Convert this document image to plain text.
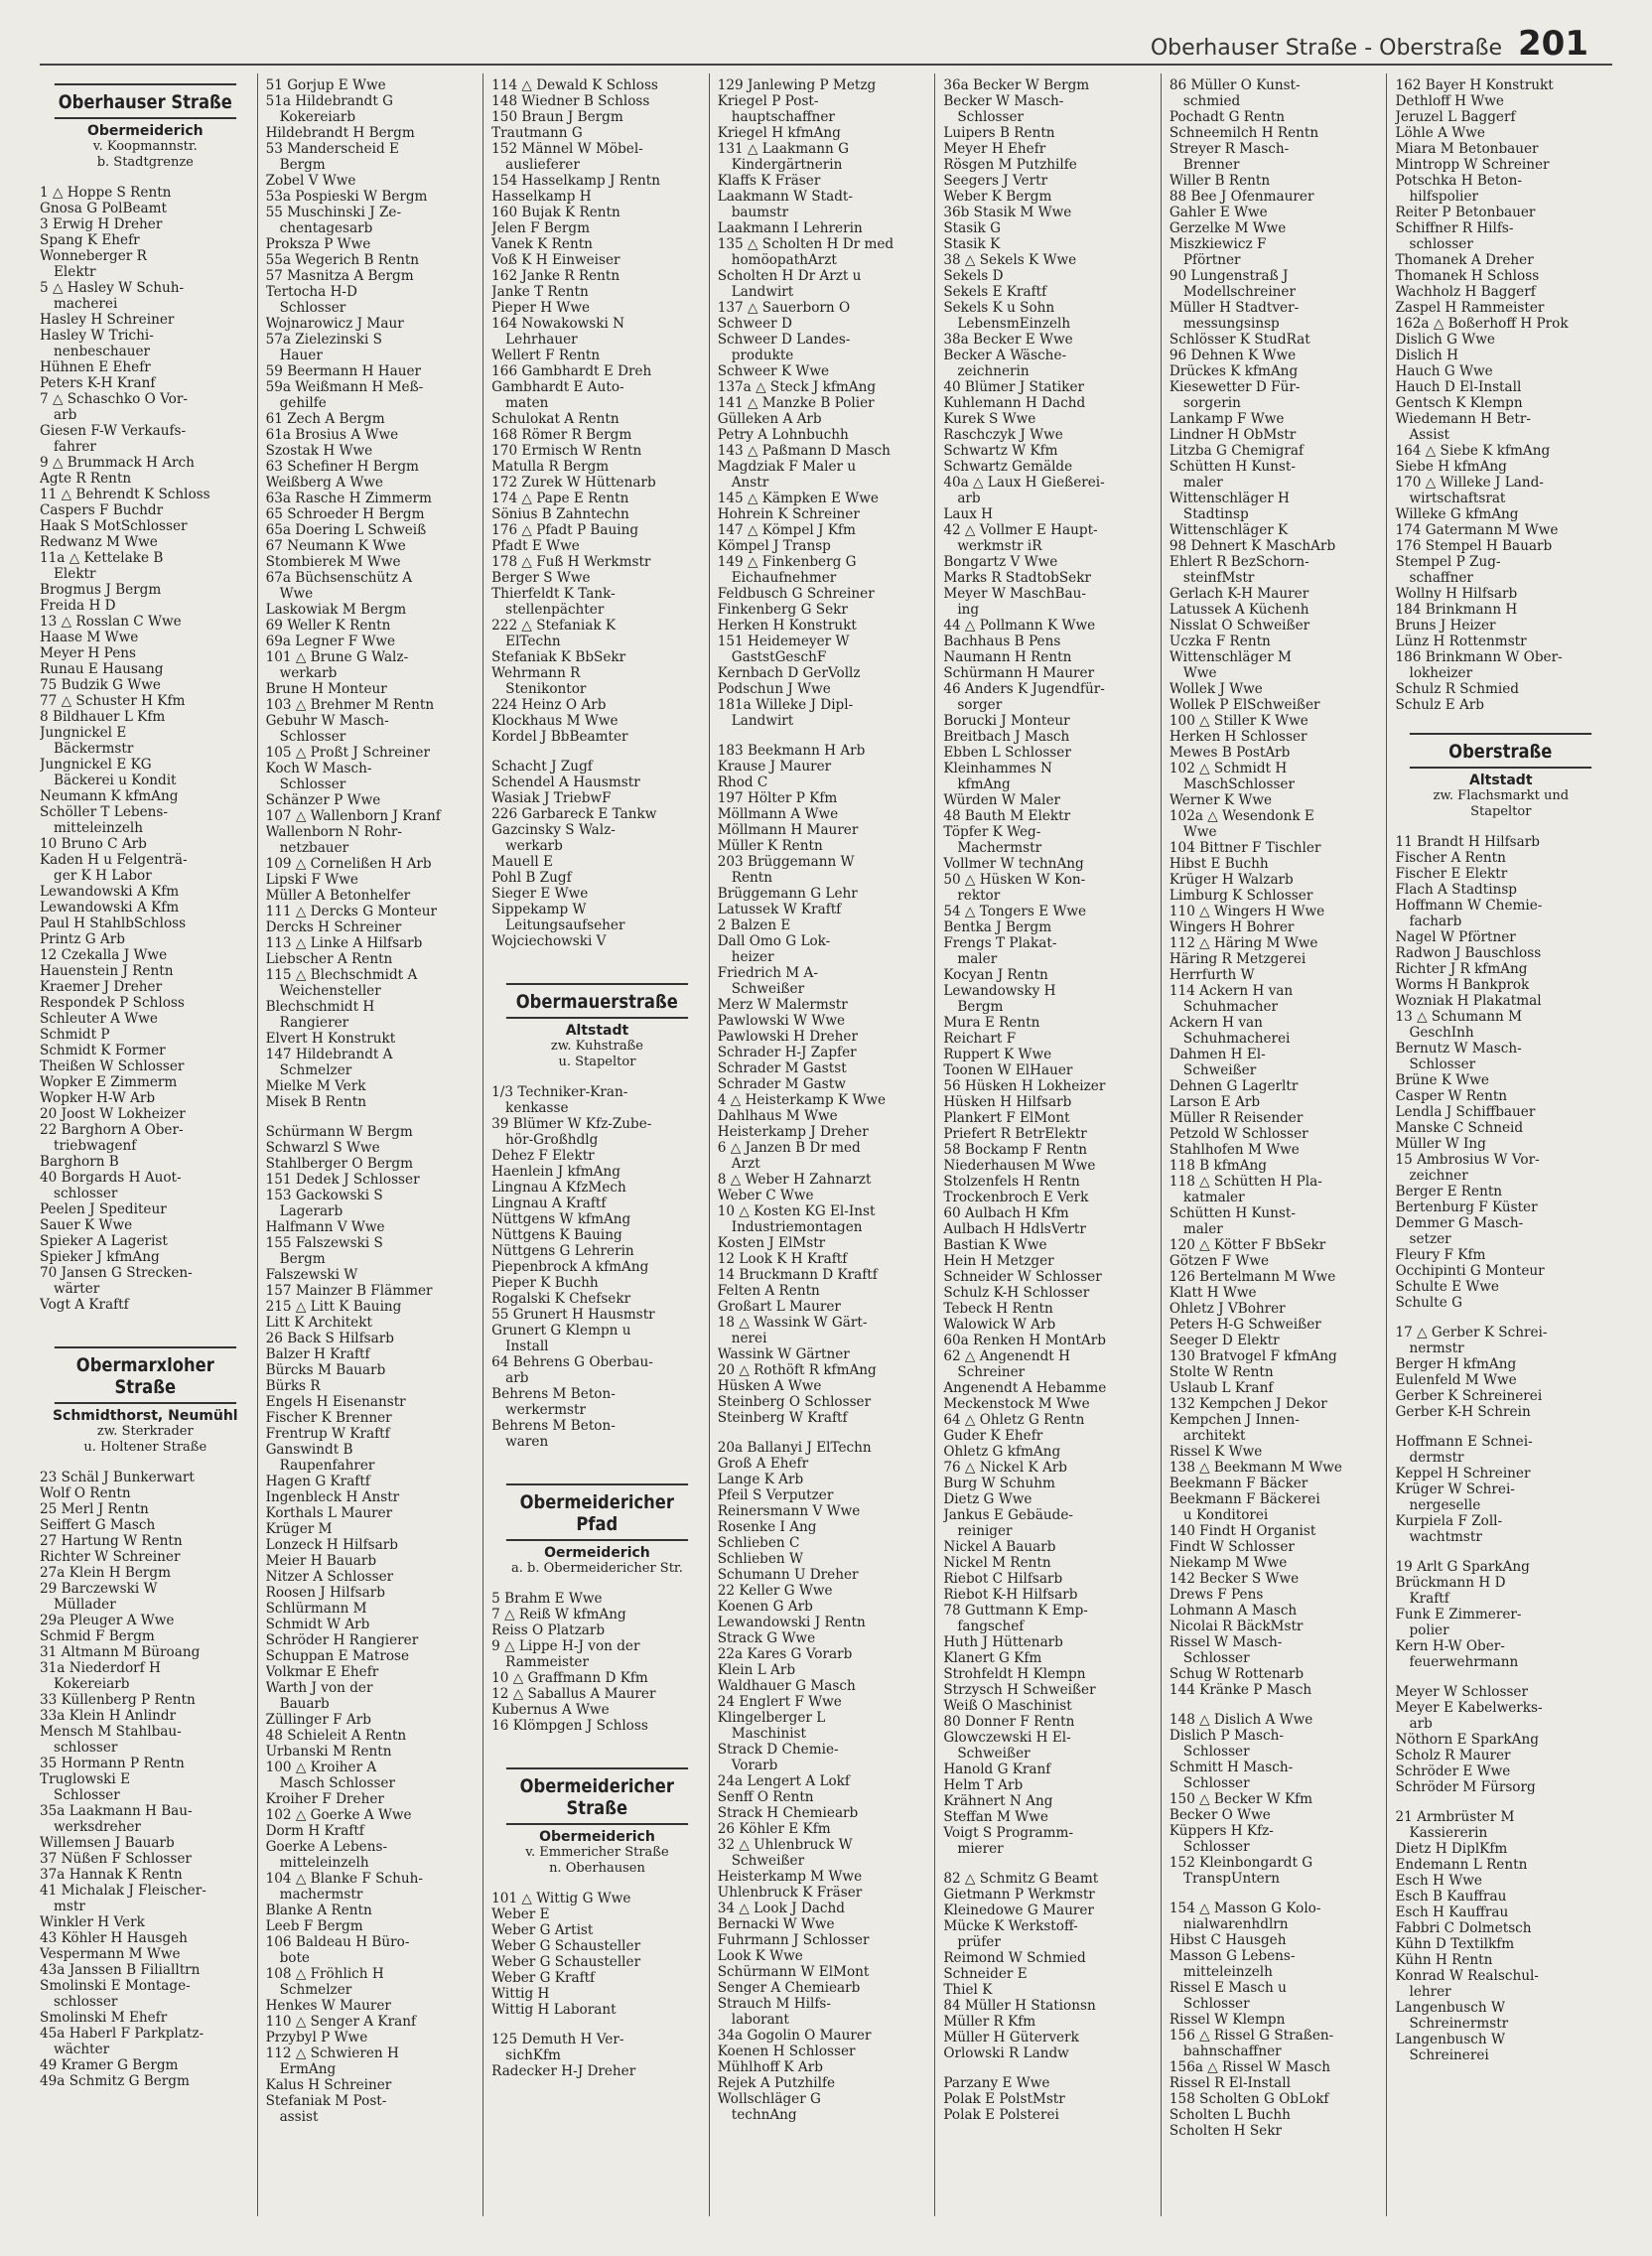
Oberhauser Straße - Oberstraße 201
Oberhauser Straße
Obermeiderich
v. Koopmannstr.
b. Stadtgrenze
1 △ Hoppe S Rentn
Gnosa G PolBeamt
3 Erwig H Dreher
Spang K Ehefr
Wonneberger R
Elektr
5 △ Hasley W Schuh-
macherei
Hasley H Schreiner
Hasley W Trichi-
nenbeschauer
Hühnen E Ehefr
Peters K-H Kranf
7 △ Schaschko O Vor-
arb
Giesen F-W Verkaufs-
fahrer
9 △ Brummack H Arch
Agte R Rentn
11 △ Behrendt K Schloss
Caspers F Buchdr
Haak S MotSchlosser
Redwanz M Wwe
11a △ Kettelake B
Elektr
Brogmus J Bergm
Freida H D
13 △ Rosslan C Wwe
Haase M Wwe
Meyer H Pens
Runau E Hausang
75 Budzik G Wwe
77 △ Schuster H Kfm
8 Bildhauer L Kfm
Jungnickel E
Bäckermstr
Jungnickel E KG
Bäckerei u Kondit
Neumann K kfmAng
Schöller T Lebens-
mitteleinzelh
10 Bruno C Arb
Kaden H u Felgenträ-
ger K H Labor
Lewandowski A Kfm
Lewandowski A Kfm
Paul H StahlbSchloss
Printz G Arb
12 Czekalla J Wwe
Hauenstein J Rentn
Kraemer J Dreher
Respondek P Schloss
Schleuter A Wwe
Schmidt P
Schmidt K Former
Theißen W Schlosser
Wopker E Zimmerm
Wopker H-W Arb
20 Joost W Lokheizer
22 Barghorn A Ober-
triebwagenf
Barghorn B
40 Borgards H Auot-
schlosser
Peelen J Spediteur
Sauer K Wwe
Spieker A Lagerist
Spieker J kfmAng
70 Jansen G Strecken-
wärter
Vogt A Kraftf
Obermarxloher Straße
Schmidthorst, Neumühl
zw. Sterkrader
u. Holtener Straße
23 Schäl J Bunkerwart
Wolf O Rentn
25 Merl J Rentn
Seiffert G Masch
27 Hartung W Rentn
Richter W Schreiner
27a Klein H Bergm
29 Barczewski W
Müllader
29a Pleuger A Wwe
Schmid F Bergm
31 Altmann M Büroang
31a Niederdorf H
Kokereiarb
33 Küllenberg P Rentn
33a Klein H Anlindr
Mensch M Stahlbau-
schlosser
35 Hormann P Rentn
Truglowski E
Schlosser
35a Laakmann H Bau-
werksdreher
Willemsen J Bauarb
37 Nüßen F Schlosser
37a Hannak K Rentn
41 Michalak J Fleischer-
mstr
Winkler H Verk
43 Köhler H Hausgeh
Vespermann M Wwe
43a Janssen B Filialltrn
Smolinski E Montage-
schlosser
Smolinski M Ehefr
45a Haberl F Parkplatz-
wächter
49 Kramer G Bergm
49a Schmitz G Bergm
51 Gorjup E Wwe
51a Hildebrandt G
Kokereiarb
Hildebrandt H Bergm
53 Manderscheid E
Bergm
Zobel V Wwe
53a Pospieski W Bergm
55 Muschinski J Ze-
chentagesarb
Proksza P Wwe
55a Wegerich B Rentn
57 Masnitza A Bergm
Tertocha H-D
Schlosser
Wojnarowicz J Maur
57a Zielezinski S
Hauer
59 Beermann H Hauer
59a Weißmann H Meß-
gehilfe
61 Zech A Bergm
61a Brosius A Wwe
Szostak H Wwe
63 Schefiner H Bergm
Weißberg A Wwe
63a Rasche H Zimmerm
65 Schroeder H Bergm
65a Doering L Schweiß
67 Neumann K Wwe
Stombierek M Wwe
67a Büchsenschütz A
Wwe
Laskowiak M Bergm
69 Weller K Rentn
69a Legner F Wwe
101 △ Brune G Walz-
werkarb
Brune H Monteur
103 △ Brehmer M Rentn
Gebuhr W Masch-
Schlosser
105 △ Proßt J Schreiner
Koch W Masch-
Schlosser
Schänzer P Wwe
107 △ Wallenborn J Kranf
Wallenborn N Rohr-
netzbauer
109 △ Cornelißen H Arb
Lipski F Wwe
Müller A Betonhelfer
111 △ Dercks G Monteur
Dercks H Schreiner
113 △ Linke A Hilfsarb
Liebscher A Rentn
115 △ Blechschmidt A
Weichensteller
Blechschmidt H
Rangierer
Elvert H Konstrukt
147 Hildebrandt A
Schmelzer
Mielke M Verk
Misek B Rentn
Schürmann W Bergm
Schwarzl S Wwe
Stahlberger O Bergm
151 Dedek J Schlosser
153 Gackowski S
Lagerarb
Halfmann V Wwe
155 Falszewski S
Bergm
Falszewski W
157 Mainzer B Flämmer
215 △ Litt K Bauing
Litt K Architekt
26 Back S Hilfsarb
Balzer H Kraftf
Bürcks M Bauarb
Bürks R
Engels H Eisenanstr
Fischer K Brenner
Frentrup W Kraftf
Ganswindt B
Raupenfahrer
Hagen G Kraftf
Ingenbleck H Anstr
Korthals L Maurer
Krüger M
Lonzeck H Hilfsarb
Meier H Bauarb
Nitzer A Schlosser
Roosen J Hilfsarb
Schlürmann M
Schmidt W Arb
Schröder H Rangierer
Schuppan E Matrose
Volkmar E Ehefr
Warth J von der
Bauarb
Züllinger F Arb
48 Schieleit A Rentn
Urbanski M Rentn
100 △ Kroiher A
Masch Schlosser
Kroiher F Dreher
102 △ Goerke A Wwe
Dorm H Kraftf
Goerke A Lebens-
mitteleinzelh
104 △ Blanke F Schuh-
machermstr
Blanke A Rentn
Leeb F Bergm
106 Baldeau H Büro-
bote
108 △ Fröhlich H
Schmelzer
Henkes W Maurer
110 △ Senger A Kranf
Przybyl P Wwe
112 △ Schwieren H
ErmAng
Kalus H Schreiner
Stefaniak M Post-
assist
114 △ Dewald K Schloss
148 Wiedner B Schloss
150 Braun J Bergm
Trautmann G
152 Männel W Möbel-
auslieferer
154 Hasselkamp J Rentn
Hasselkamp H
160 Bujak K Rentn
Jelen F Bergm
Vanek K Rentn
Voß K H Einweiser
162 Janke R Rentn
Janke T Rentn
Pieper H Wwe
164 Nowakowski N
Lehrhauer
Wellert F Rentn
166 Gambhardt E Dreh
Gambhardt E Auto-
maten
Schulokat A Rentn
168 Römer R Bergm
170 Ermisch W Rentn
Matulla R Bergm
172 Zurek W Hüttenarb
174 △ Pape E Rentn
Sönius B Zahntechn
176 △ Pfadt P Bauing
Pfadt E Wwe
178 △ Fuß H Werkmstr
Berger S Wwe
Thierfeldt K Tank-
stellenpächter
222 △ Stefaniak K
ElTechn
Stefaniak K BbSekr
Wehrmann R
Stenikontor
224 Heinz O Arb
Klockhaus M Wwe
Kordel J BbBeamter
Schacht J Zugf
Schendel A Hausmstr
Wasiak J TriebwF
226 Garbareck E Tankw
Gazcinsky S Walz-
werkarb
Mauell E
Pohl B Zugf
Sieger E Wwe
Sippekamp W
Leitungsaufseher
Wojciechowski V
Obermauerstraße
Altstadt
zw. Kuhstraße
u. Stapeltor
1/3 Techniker-Kran-
kenkasse
39 Blümer W Kfz-Zube-
hör-Großhdlg
Dehez F Elektr
Haenlein J kfmAng
Lingnau A KfzMech
Lingnau A Kraftf
Nüttgens W kfmAng
Nüttgens K Bauing
Nüttgens G Lehrerin
Piepenbrock A kfmAng
Pieper K Buchh
Rogalski K Chefsekr
55 Grunert H Hausmstr
Grunert G Klempn u
Install
64 Behrens G Oberbau-
arb
Behrens M Beton-
werkermstr
Behrens M Beton-
waren
Obermeidericher Pfad
Oermeiderich
a. b. Obermeidericher Str.
5 Brahm E Wwe
7 △ Reiß W kfmAng
Reiss O Platzarb
9 △ Lippe H-J von der
Rammeister
10 △ Graffmann D Kfm
12 △ Saballus A Maurer
Kubernus A Wwe
16 Klömpgen J Schloss
Obermeidericher Straße
Obermeiderich
v. Emmericher Straße
n. Oberhausen
101 △ Wittig G Wwe
Weber E
Weber G Artist
Weber G Schausteller
Weber G Schausteller
Weber G Kraftf
Wittig H
Wittig H Laborant
125 Demuth H Ver-
sichKfm
Radecker H-J Dreher
129 Janlewing P Metzg
Kriegel P Post-
hauptschaffner
Kriegel H kfmAng
131 △ Laakmann G
Kindergärtnerin
Klaffs K Fräser
Laakmann W Stadt-
baumstr
Laakmann I Lehrerin
135 △ Scholten H Dr med
homöopathArzt
Scholten H Dr Arzt u
Landwirt
137 △ Sauerborn O
Schweer D
Schweer D Landes-
produkte
Schweer K Wwe
137a △ Steck J kfmAng
141 △ Manzke B Polier
Gülleken A Arb
Petry A Lohnbuchh
143 △ Paßmann D Masch
Magdziak F Maler u
Anstr
145 △ Kämpken E Wwe
Hohrein K Schreiner
147 △ Kömpel J Kfm
Kömpel J Transp
149 △ Finkenberg G
Eichaufnehmer
Feldbusch G Schreiner
Finkenberg G Sekr
Herken H Konstrukt
151 Heidemeyer W
GaststGeschF
Kernbach D GerVollz
Podschun J Wwe
181a Willeke J Dipl-
Landwirt
183 Beekmann H Arb
Krause J Maurer
Rhod C
197 Hölter P Kfm
Möllmann A Wwe
Möllmann H Maurer
Müller K Rentn
203 Brüggemann W
Rentn
Brüggemann G Lehr
Latussek W Kraftf
2 Balzen E
Dall Omo G Lok-
heizer
Friedrich M A-
Schweißer
Merz W Malermstr
Pawlowski W Wwe
Pawlowski H Dreher
Schrader H-J Zapfer
Schrader M Gastst
Schrader M Gastw
4 △ Heisterkamp K Wwe
Dahlhaus M Wwe
Heisterkamp J Dreher
6 △ Janzen B Dr med
Arzt
8 △ Weber H Zahnarzt
Weber C Wwe
10 △ Kosten KG El-Inst
Industriemontagen
Kosten J ElMstr
12 Look K H Kraftf
14 Bruckmann D Kraftf
Felten A Rentn
Großart L Maurer
18 △ Wassink W Gärt-
nerei
Wassink W Gärtner
20 △ Rothöft R kfmAng
Hüsken A Wwe
Steinberg O Schlosser
Steinberg W Kraftf
20a Ballanyi J ElTechn
Groß A Ehefr
Lange K Arb
Pfeil S Verputzer
Reinersmann V Wwe
Rosenke I Ang
Schlieben C
Schlieben W
Schumann U Dreher
22 Keller G Wwe
Koenen G Arb
Lewandowski J Rentn
Strack G Wwe
22a Kares G Vorarb
Klein L Arb
Waldhauer G Masch
24 Englert F Wwe
Klingelberger L
Maschinist
Strack D Chemie-
Vorarb
24a Lengert A Lokf
Senff O Rentn
Strack H Chemiearb
26 Köhler E Kfm
32 △ Uhlenbruck W
Schweißer
Heisterkamp M Wwe
Uhlenbruck K Fräser
34 △ Look J Dachd
Bernacki W Wwe
Fuhrmann J Schlosser
Look K Wwe
Schürmann W ElMont
Senger A Chemiearb
Strauch M Hilfs-
laborant
34a Gogolin O Maurer
Koenen H Schlosser
Mühlhoff K Arb
Rejek A Putzhilfe
Wollschläger G
technAng
36a Becker W Bergm
Becker W Masch-
Schlosser
Luipers B Rentn
Meyer H Ehefr
Rösgen M Putzhilfe
Seegers J Vertr
Weber K Bergm
36b Stasik M Wwe
Stasik G
Stasik K
38 △ Sekels K Wwe
Sekels D
Sekels E Kraftf
Sekels K u Sohn
LebensmEinzelh
38a Becker E Wwe
Becker A Wäsche-
zeichnerin
40 Blümer J Statiker
Kuhlemann H Dachd
Kurek S Wwe
Raschczyk J Wwe
Schwartz W Kfm
Schwartz Gemälde
40a △ Laux H Gießerei-
arb
Laux H
42 △ Vollmer E Haupt-
werkmstr iR
Bongartz V Wwe
Marks R StadtobSekr
Meyer W MaschBau-
ing
44 △ Pollmann K Wwe
Bachhaus B Pens
Naumann H Rentn
Schürmann H Maurer
46 Anders K Jugendfür-
sorger
Borucki J Monteur
Breitbach J Masch
Ebben L Schlosser
Kleinhammes N
kfmAng
Würden W Maler
48 Bauth M Elektr
Töpfer K Weg-
Machermstr
Vollmer W technAng
50 △ Hüsken W Kon-
rektor
54 △ Tongers E Wwe
Bentka J Bergm
Frengs T Plakat-
maler
Kocyan J Rentn
Lewandowsky H
Bergm
Mura E Rentn
Reichart F
Ruppert K Wwe
Toonen W ElHauer
56 Hüsken H Lokheizer
Hüsken H Hilfsarb
Plankert F ElMont
Priefert R BetrElektr
58 Bockamp F Rentn
Niederhausen M Wwe
Stolzenfels H Rentn
Trockenbroch E Verk
60 Aulbach H Kfm
Aulbach H HdlsVertr
Bastian K Wwe
Hein H Metzger
Schneider W Schlosser
Schulz K-H Schlosser
Tebeck H Rentn
Walowick W Arb
60a Renken H MontArb
62 △ Angenendt H
Schreiner
Angenendt A Hebamme
Meckenstock M Wwe
64 △ Ohletz G Rentn
Guder K Ehefr
Ohletz G kfmAng
76 △ Nickel K Arb
Burg W Schuhm
Dietz G Wwe
Jankus E Gebäude-
reiniger
Nickel A Bauarb
Nickel M Rentn
Riebot C Hilfsarb
Riebot K-H Hilfsarb
78 Guttmann K Emp-
fangschef
Huth J Hüttenarb
Klanert G Kfm
Strohfeldt H Klempn
Strzysch H Schweißer
Weiß O Maschinist
80 Donner F Rentn
Glowczewski H El-
Schweißer
Hanold G Kranf
Helm T Arb
Krähnert N Ang
Steffan M Wwe
Voigt S Programm-
mierer
82 △ Schmitz G Beamt
Gietmann P Werkmstr
Kleinedowe G Maurer
Mücke K Werkstoff-
prüfer
Reimond W Schmied
Schneider E
Thiel K
84 Müller H Stationsn
Müller R Kfm
Müller H Güterverk
Orlowski R Landw
Parzany E Wwe
Polak E PolstMstr
Polak E Polsterei
86 Müller O Kunst-
schmied
Pochadt G Rentn
Schneemilch H Rentn
Streyer R Masch-
Brenner
Willer B Rentn
88 Bee J Ofenmaurer
Gahler E Wwe
Gerzelke M Wwe
Miszkiewicz F
Pförtner
90 Lungenstraß J
Modellschreiner
Müller H Stadtver-
messungsinsp
Schlösser K StudRat
96 Dehnen K Wwe
Drückes K kfmAng
Kiesewetter D Für-
sorgerin
Lankamp F Wwe
Lindner H ObMstr
Litzba G Chemigraf
Schütten H Kunst-
maler
Wittenschläger H
Stadtinsp
Wittenschläger K
98 Dehnert K MaschArb
Ehlert R BezSchorn-
steinfMstr
Gerlach K-H Maurer
Latussek A Küchenh
Nisslat O Schweißer
Uczka F Rentn
Wittenschläger M
Wwe
Wollek J Wwe
Wollek P ElSchweißer
100 △ Stiller K Wwe
Herken H Schlosser
Mewes B PostArb
102 △ Schmidt H
MaschSchlosser
Werner K Wwe
102a △ Wesendonk E
Wwe
104 Bittner F Tischler
Hibst E Buchh
Krüger H Walzarb
Limburg K Schlosser
110 △ Wingers H Wwe
Wingers H Bohrer
112 △ Häring M Wwe
Häring R Metzgerei
Herrfurth W
114 Ackern H van
Schuhmacher
Ackern H van
Schuhmacherei
Dahmen H El-
Schweißer
Dehnen G Lagerltr
Larson E Arb
Müller R Reisender
Petzold W Schlosser
Stahlhofen M Wwe
118 B kfmAng
118 △ Schütten H Pla-
katmaler
Schütten H Kunst-
maler
120 △ Kötter F BbSekr
Götzen F Wwe
126 Bertelmann M Wwe
Klatt H Wwe
Ohletz J VBohrer
Peters H-G Schweißer
Seeger D Elektr
130 Bratvogel F kfmAng
Stolte W Rentn
Uslaub L Kranf
132 Kempchen J Dekor
Kempchen J Innen-
architekt
Rissel K Wwe
138 △ Beekmann M Wwe
Beekmann F Bäcker
Beekmann F Bäckerei
u Konditorei
140 Findt H Organist
Findt W Schlosser
Niekamp M Wwe
142 Becker S Wwe
Drews F Pens
Lohmann A Masch
Nicolai R BäckMstr
Rissel W Masch-
Schlosser
Schug W Rottenarb
144 Kränke P Masch
148 △ Dislich A Wwe
Dislich P Masch-
Schlosser
Schmitt H Masch-
Schlosser
150 △ Becker W Kfm
Becker O Wwe
Küppers H Kfz-
Schlosser
152 Kleinbongardt G
TranspUntern
154 △ Masson G Kolo-
nialwarenhdlrn
Hibst C Hausgeh
Masson G Lebens-
mitteleinzelh
Rissel E Masch u
Schlosser
Rissel W Klempn
156 △ Rissel G Straßen-
bahnschaffner
156a △ Rissel W Masch
Rissel R El-Install
158 Scholten G ObLokf
Scholten L Buchh
Scholten H Sekr
162 Bayer H Konstrukt
Dethloff H Wwe
Jeruzel L Baggerf
Löhle A Wwe
Miara M Betonbauer
Mintropp W Schreiner
Potschka H Beton-
hilfspolier
Reiter P Betonbauer
Schiffner R Hilfs-
schlosser
Thomanek A Dreher
Thomanek H Schloss
Wachholz H Baggerf
Zaspel H Rammeister
162a △ Boßerhoff H Prok
Dislich G Wwe
Dislich H
Hauch G Wwe
Hauch D El-Install
Gentsch K Klempn
Wiedemann H Betr-
Assist
164 △ Siebe K kfmAng
Siebe H kfmAng
170 △ Willeke J Land-
wirtschaftsrat
Willeke G kfmAng
174 Gatermann M Wwe
176 Stempel H Bauarb
Stempel P Zug-
schaffner
Wollny H Hilfsarb
184 Brinkmann H
Bruns J Heizer
Lünz H Rottenmstr
186 Brinkmann W Ober-
lokheizer
Schulz R Schmied
Schulz E Arb
Oberstraße
Altstadt
zw. Flachsmarkt und
Stapeltor
11 Brandt H Hilfsarb
Fischer A Rentn
Fischer E Elektr
Flach A Stadtinsp
Hoffmann W Chemie-
facharb
Nagel W Pförtner
Radwon J Bauschloss
Richter J R kfmAng
Worms H Bankprok
Wozniak H Plakatmal
13 △ Schumann M
GeschInh
Bernutz W Masch-
Schlosser
Brüne K Wwe
Casper W Rentn
Lendla J Schiffbauer
Manske C Schneid
Müller W Ing
15 Ambrosius W Vor-
zeichner
Berger E Rentn
Bertenburg F Küster
Demmer G Masch-
setzer
Fleury F Kfm
Occhipinti G Monteur
Schulte E Wwe
Schulte G
17 △ Gerber K Schrei-
nermstr
Berger H kfmAng
Eulenfeld M Wwe
Gerber K Schreinerei
Gerber K-H Schrein
Hoffmann E Schnei-
dermstr
Keppel H Schreiner
Krüger W Schrei-
nergeselle
Kurpiela F Zoll-
wachtmstr
19 Arlt G SparkAng
Brückmann H D
Kraftf
Funk E Zimmerer-
polier
Kern H-W Ober-
feuerwehrmann
Meyer W Schlosser
Meyer E Kabelwerks-
arb
Nöthorn E SparkAng
Scholz R Maurer
Schröder E Wwe
Schröder M Fürsorg
21 Armbrüster M
Kassiererin
Dietz H DiplKfm
Endemann L Rentn
Esch H Wwe
Esch B Kauffrau
Esch H Kauffrau
Fabbri C Dolmetsch
Kühn D Textilkfm
Kühn H Rentn
Konrad W Realschul-
lehrer
Langenbusch W
Schreinermstr
Langenbusch W
Schreinerei
